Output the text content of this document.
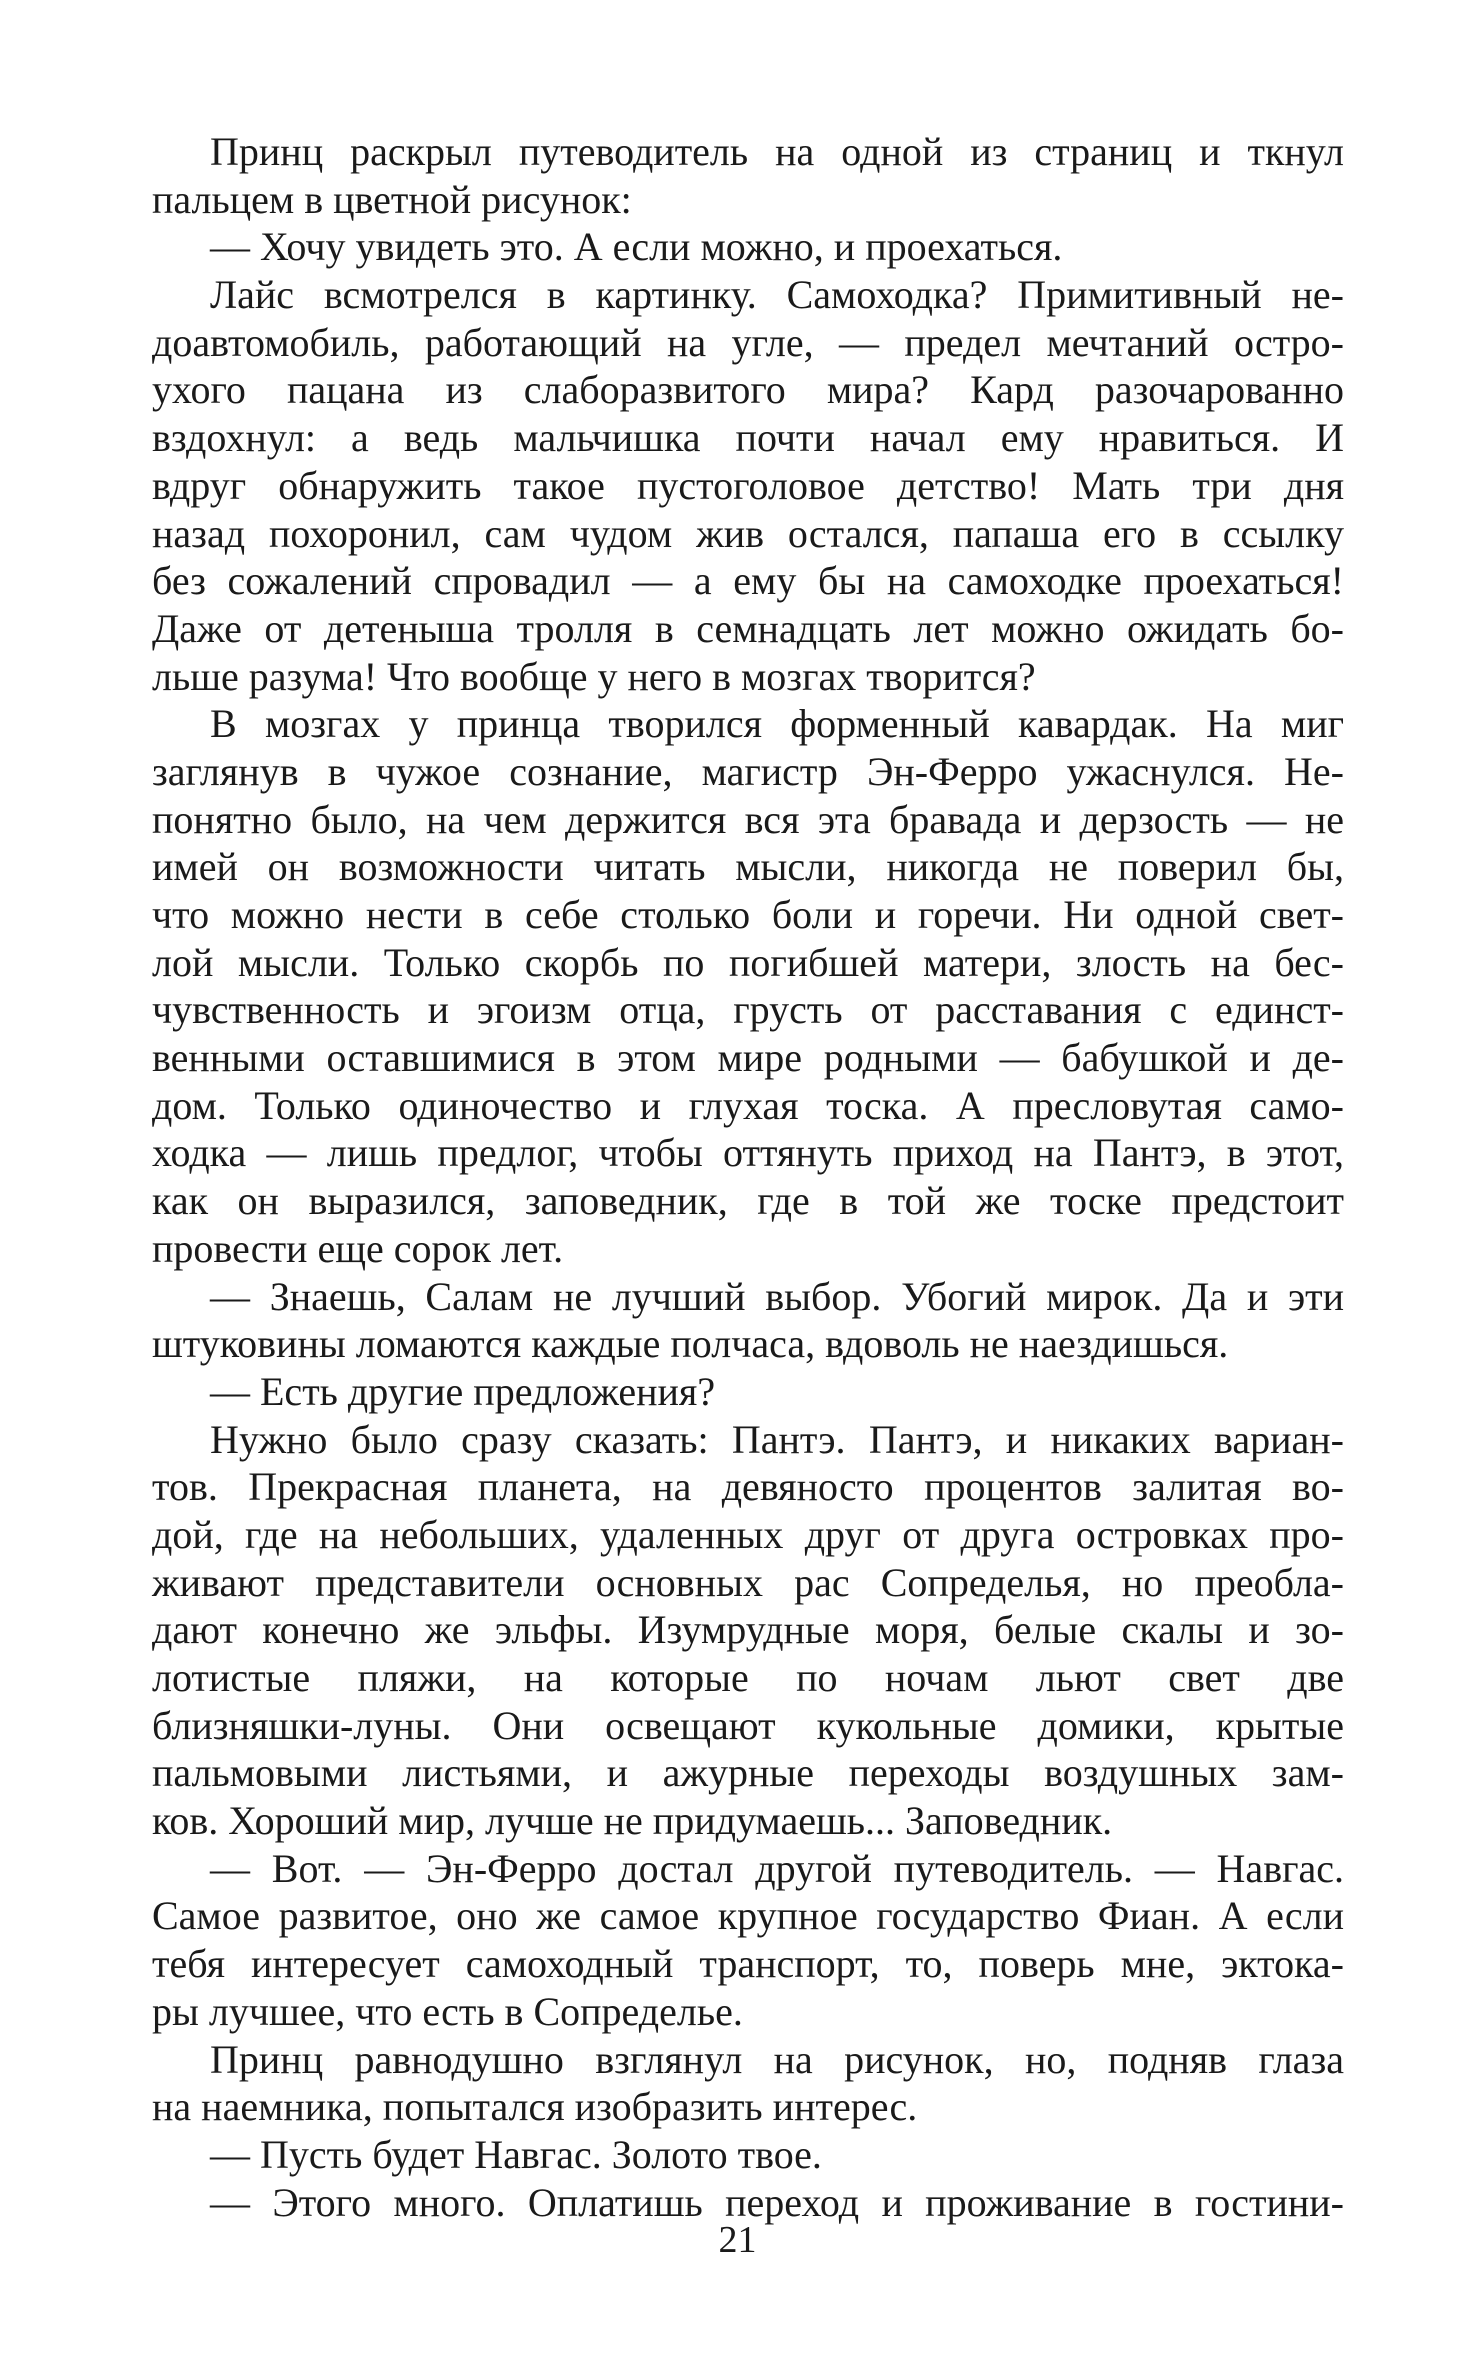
Принц раскрыл путеводитель на одной из страниц и ткнул
пальцем в цветной рисунок:
— Хочу увидеть это. А если можно, и проехаться.
Лайс всмотрелся в картинку. Самоходка? Примитивный не-
доавтомобиль, работающий на угле, — предел мечтаний остро-
ухого пацана из слаборазвитого мира? Кард разочарованно
вздохнул: а ведь мальчишка почти начал ему нравиться. И
вдруг обнаружить такое пустоголовое детство! Мать три дня
назад похоронил, сам чудом жив остался, папаша его в ссылку
без сожалений спровадил — а ему бы на самоходке проехаться!
Даже от детеныша тролля в семнадцать лет можно ожидать бо-
льше разума! Что вообще у него в мозгах творится?
В мозгах у принца творился форменный кавардак. На миг
заглянув в чужое сознание, магистр Эн-Ферро ужаснулся. Не-
понятно было, на чем держится вся эта бравада и дерзость — не
имей он возможности читать мысли, никогда не поверил бы,
что можно нести в себе столько боли и горечи. Ни одной свет-
лой мысли. Только скорбь по погибшей матери, злость на бес-
чувственность и эгоизм отца, грусть от расставания с единст-
венными оставшимися в этом мире родными — бабушкой и де-
дом. Только одиночество и глухая тоска. А пресловутая само-
ходка — лишь предлог, чтобы оттянуть приход на Пантэ, в этот,
как он выразился, заповедник, где в той же тоске предстоит
провести еще сорок лет.
— Знаешь, Салам не лучший выбор. Убогий мирок. Да и эти
штуковины ломаются каждые полчаса, вдоволь не наездишься.
— Есть другие предложения?
Нужно было сразу сказать: Пантэ. Пантэ, и никаких вариан-
тов. Прекрасная планета, на девяносто процентов залитая во-
дой, где на небольших, удаленных друг от друга островках про-
живают представители основных рас Сопределья, но преобла-
дают конечно же эльфы. Изумрудные моря, белые скалы и зо-
лотистые пляжи, на которые по ночам льют свет две
близняшки-луны. Они освещают кукольные домики, крытые
пальмовыми листьями, и ажурные переходы воздушных зам-
ков. Хороший мир, лучше не придумаешь... Заповедник.
— Вот. — Эн-Ферро достал другой путеводитель. — Навгас.
Самое развитое, оно же самое крупное государство Фиан. А если
тебя интересует самоходный транспорт, то, поверь мне, эктока-
ры лучшее, что есть в Сопределье.
Принц равнодушно взглянул на рисунок, но, подняв глаза
на наемника, попытался изобразить интерес.
— Пусть будет Навгас. Золото твое.
— Этого много. Оплатишь переход и проживание в гостини-
21
